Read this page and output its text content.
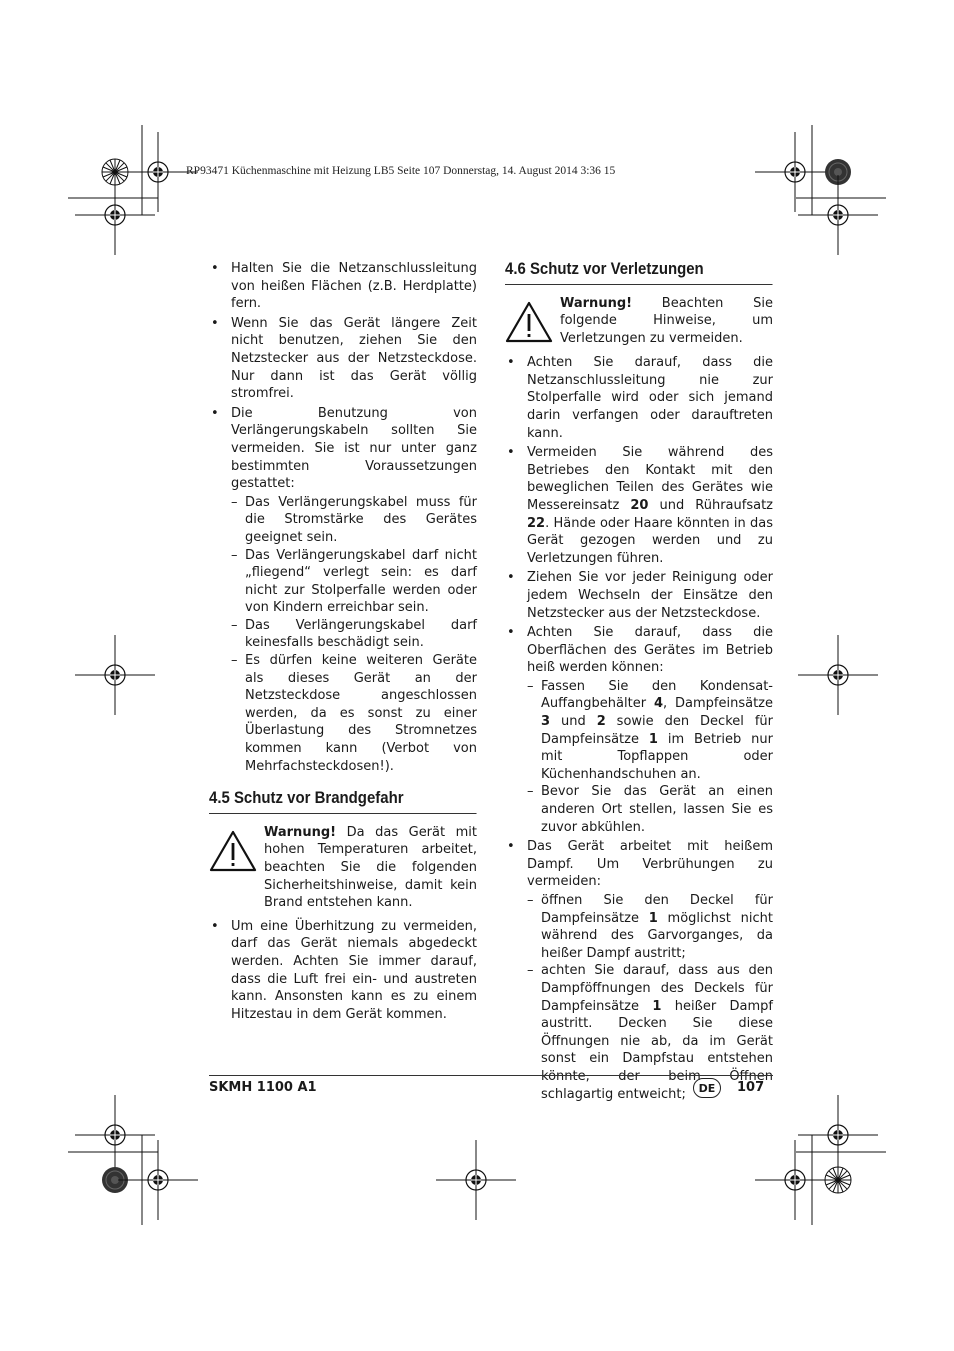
RP93471 Küchenmaschine mit Heizung LB5 Seite 107 Donnerstag, 14. August 2014 3:36 15
• Halten Sie die Netzanschlussleitung von heißen Flächen (z.B. Herdplatte) fern.
• Wenn Sie das Gerät längere Zeit nicht benutzen, ziehen Sie den Netzstecker aus der Netzsteckdose. Nur dann ist das Gerät völlig stromfrei.
• Die Benutzung von Verlängerungskabeln sollten Sie vermeiden. Sie ist nur unter ganz bestimmten Voraussetzungen gestattet:
– Das Verlängerungskabel muss für die Stromstärke des Gerätes geeignet sein.
– Das Verlängerungskabel darf nicht „fliegend“ verlegt sein: es darf nicht zur Stolperfalle werden oder von Kindern erreichbar sein.
– Das Verlängerungskabel darf keinesfalls beschädigt sein.
– Es dürfen keine weiteren Geräte als dieses Gerät an der Netzsteckdose angeschlossen werden, da es sonst zu einer Überlastung des Stromnetzes kommen kann (Verbot von Mehrfachsteckdosen!).
4.5 Schutz vor Brandgefahr
Warnung! Da das Gerät mit hohen Temperaturen arbeitet, beachten Sie die folgenden Sicherheitshinweise, damit kein Brand entstehen kann.
• Um eine Überhitzung zu vermeiden, darf das Gerät niemals abgedeckt werden. Achten Sie immer darauf, dass die Luft frei ein- und austreten kann. Ansonsten kann es zu einem Hitzestau in dem Gerät kommen.
4.6 Schutz vor Verletzungen
Warnung! Beachten Sie folgende Hinweise, um Verletzungen zu vermeiden.
• Achten Sie darauf, dass die Netzanschlussleitung nie zur Stolperfalle wird oder sich jemand darin verfangen oder darauftreten kann.
• Vermeiden Sie während des Betriebes den Kontakt mit den beweglichen Teilen des Gerätes wie Messereinsatz 20 und Rühraufsatz 22. Hände oder Haare könnten in das Gerät gezogen werden und zu Verletzungen führen.
• Ziehen Sie vor jeder Reinigung oder jedem Wechseln der Einsätze den Netzstecker aus der Netzsteckdose.
• Achten Sie darauf, dass die Oberflächen des Gerätes im Betrieb heiß werden können:
– Fassen Sie den Kondensat-Auffangbehälter 4, Dampfeinsätze 3 und 2 sowie den Deckel für Dampfeinsätze 1 im Betrieb nur mit Topflappen oder Küchenhandschuhen an.
– Bevor Sie das Gerät an einen anderen Ort stellen, lassen Sie es zuvor abkühlen.
• Das Gerät arbeitet mit heißem Dampf. Um Verbrühungen zu vermeiden:
– öffnen Sie den Deckel für Dampfeinsätze 1 möglichst nicht während des Garvorganges, da heißer Dampf austritt;
– achten Sie darauf, dass aus den Dampföffnungen des Deckels für Dampfeinsätze 1 heißer Dampf austritt. Decken Sie diese Öffnungen nie ab, da im Gerät sonst ein Dampfstau entstehen könnte, der beim Öffnen schlagartig entweicht;
SKMH 1100 A1	DE	107
